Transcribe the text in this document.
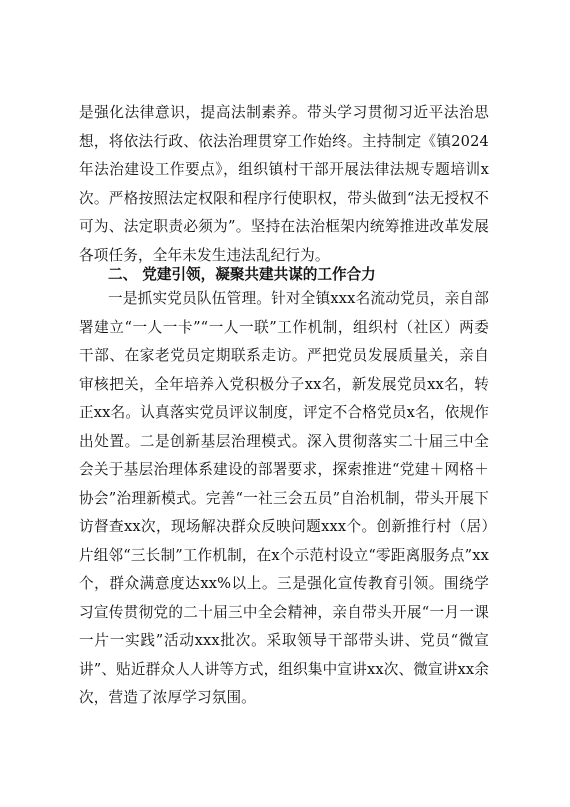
是强化法律意识，提高法制素养。带头学习贯彻习近平法治思想，将依法行政、依法治理贯穿工作始终。主持制定《镇2024年法治建设工作要点》，组织镇村干部开展法律法规专题培训x次。严格按照法定权限和程序行使职权，带头做到“法无授权不可为、法定职责必须为”。坚持在法治框架内统筹推进改革发展各项任务，全年未发生违法乱纪行为。

二、 党建引领，凝聚共建共谋的工作合力

一是抓实党员队伍管理。针对全镇xxx名流动党员，亲自部署建立“一人一卡”“一人一联”工作机制，组织村（社区）两委干部、在家老党员定期联系走访。严把党员发展质量关，亲自审核把关，全年培养入党积极分子xx名，新发展党员xx名，转正xx名。认真落实党员评议制度，评定不合格党员x名，依规作出处置。二是创新基层治理模式。深入贯彻落实二十届三中全会关于基层治理体系建设的部署要求，探索推进“党建＋网格＋协会”治理新模式。完善“一社三会五员”自治机制，带头开展下访督查xx次，现场解决群众反映问题xxx个。创新推行村（居）片组邻“三长制”工作机制，在x个示范村设立“零距离服务点”xx个，群众满意度达xx%以上。三是强化宣传教育引领。围绕学习宣传贯彻党的二十届三中全会精神，亲自带头开展“一月一课一片一实践”活动xxx批次。采取领导干部带头讲、党员“微宣讲”、贴近群众人人讲等方式，组织集中宣讲xx次、微宣讲xx余次，营造了浓厚学习氛围。
